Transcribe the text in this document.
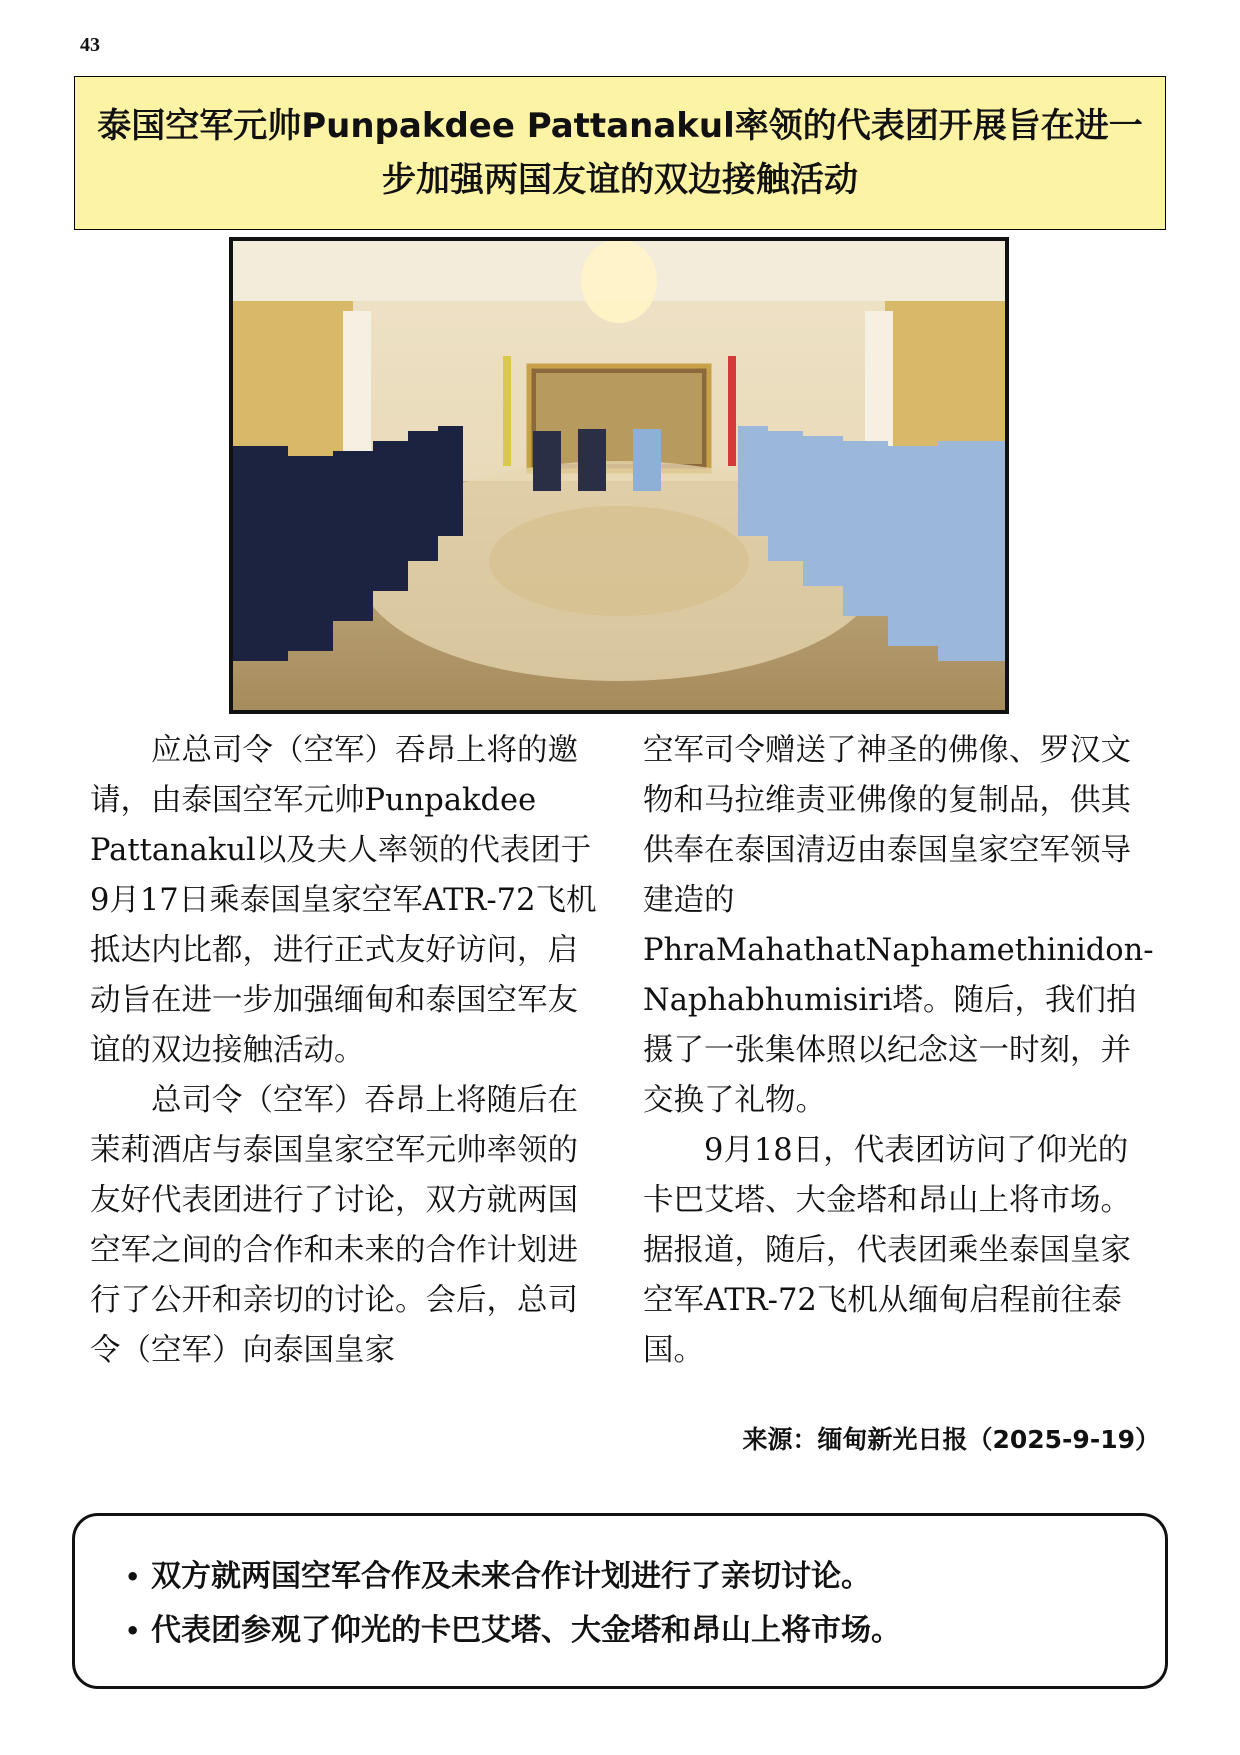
43
泰国空军元帅Punpakdee Pattanakul率领的代表团开展旨在进一步加强两国友谊的双边接触活动

应总司令（空军）吞昂上将的邀请，由泰国空军元帅Punpakdee Pattanakul以及夫人率领的代表团于9月17日乘泰国皇家空军ATR-72飞机抵达内比都，进行正式友好访问，启动旨在进一步加强缅甸和泰国空军友谊的双边接触活动。

总司令（空军）吞昂上将随后在茉莉酒店与泰国皇家空军元帅率领的友好代表团进行了讨论，双方就两国空军之间的合作和未来的合作计划进行了公开和亲切的讨论。会后，总司令（空军）向泰国皇家

空军司令赠送了神圣的佛像、罗汉文物和马拉维责亚佛像的复制品，供其供奉在泰国清迈由泰国皇家空军领导建造的PhraMahathatNaphamethinidon-Naphabhumisiri塔。随后，我们拍摄了一张集体照以纪念这一时刻，并交换了礼物。

9月18日，代表团访问了仰光的卡巴艾塔、大金塔和昂山上将市场。据报道，随后，代表团乘坐泰国皇家空军ATR-72飞机从缅甸启程前往泰国。

来源：缅甸新光日报（2025-9-19）
• 双方就两国空军合作及未来合作计划进行了亲切讨论。
• 代表团参观了仰光的卡巴艾塔、大金塔和昂山上将市场。
